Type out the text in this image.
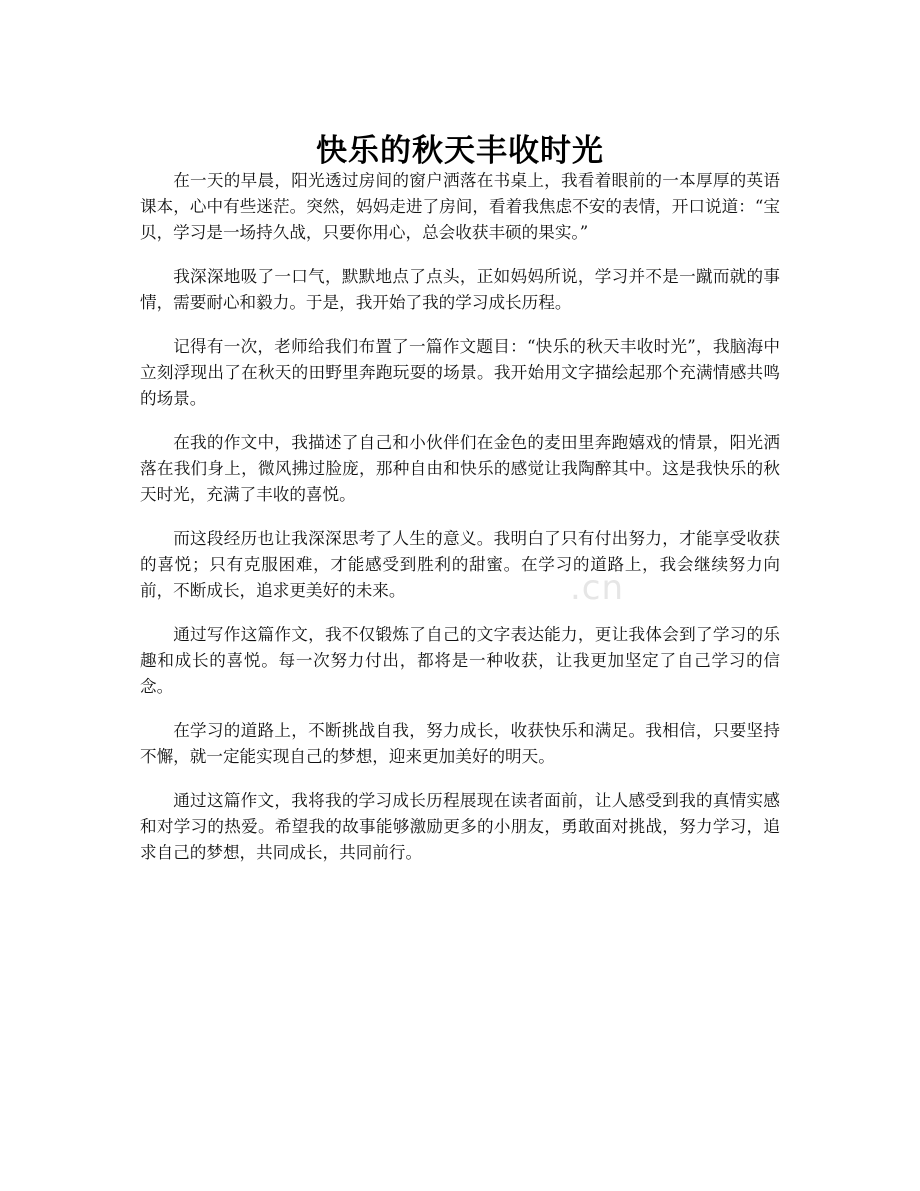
.cn
快乐的秋天丰收时光

在一天的早晨，阳光透过房间的窗户洒落在书桌上，我看着眼前的一本厚厚的英语课本，心中有些迷茫。突然，妈妈走进了房间，看着我焦虑不安的表情，开口说道：“宝贝，学习是一场持久战，只要你用心，总会收获丰硕的果实。”

我深深地吸了一口气，默默地点了点头，正如妈妈所说，学习并不是一蹴而就的事情，需要耐心和毅力。于是，我开始了我的学习成长历程。

记得有一次，老师给我们布置了一篇作文题目：“快乐的秋天丰收时光”，我脑海中立刻浮现出了在秋天的田野里奔跑玩耍的场景。我开始用文字描绘起那个充满情感共鸣的场景。

在我的作文中，我描述了自己和小伙伴们在金色的麦田里奔跑嬉戏的情景，阳光洒落在我们身上，微风拂过脸庞，那种自由和快乐的感觉让我陶醉其中。这是我快乐的秋天时光，充满了丰收的喜悦。

而这段经历也让我深深思考了人生的意义。我明白了只有付出努力，才能享受收获的喜悦；只有克服困难，才能感受到胜利的甜蜜。在学习的道路上，我会继续努力向前，不断成长，追求更美好的未来。

通过写作这篇作文，我不仅锻炼了自己的文字表达能力，更让我体会到了学习的乐趣和成长的喜悦。每一次努力付出，都将是一种收获，让我更加坚定了自己学习的信念。

在学习的道路上，不断挑战自我，努力成长，收获快乐和满足。我相信，只要坚持不懈，就一定能实现自己的梦想，迎来更加美好的明天。

通过这篇作文，我将我的学习成长历程展现在读者面前，让人感受到我的真情实感和对学习的热爱。希望我的故事能够激励更多的小朋友，勇敢面对挑战，努力学习，追求自己的梦想，共同成长，共同前行。
